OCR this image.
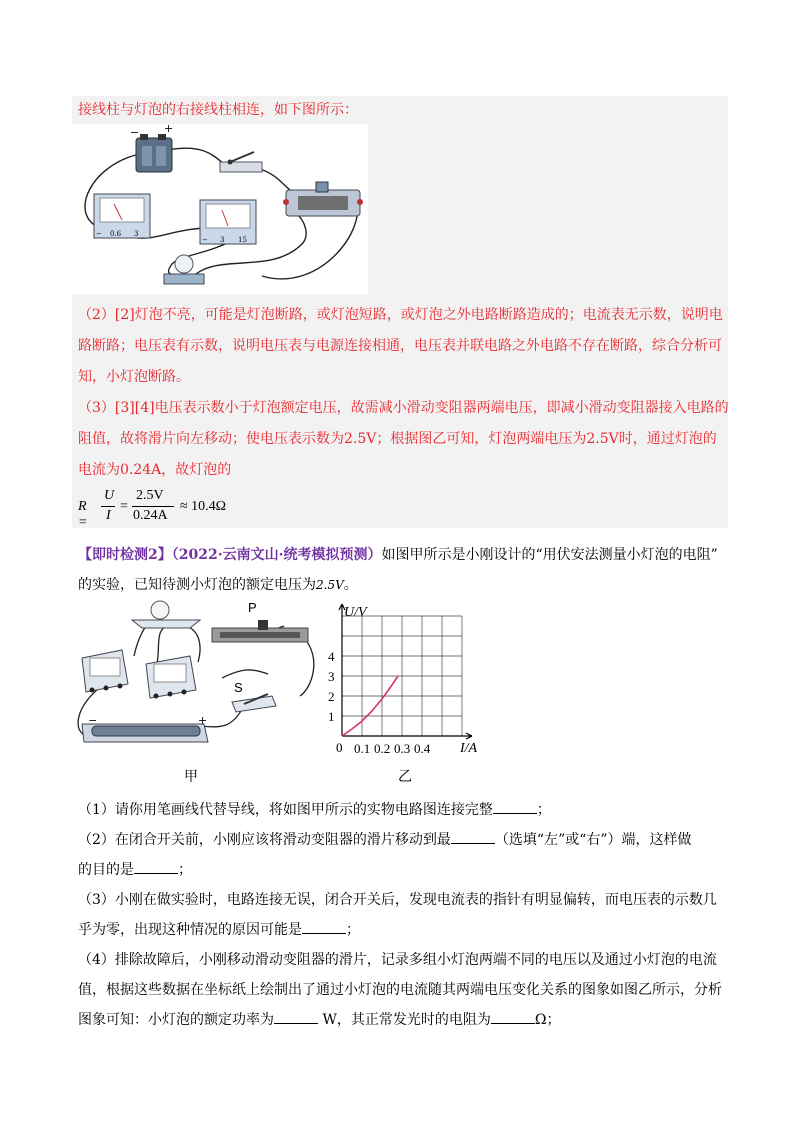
接线柱与灯泡的右接线柱相连，如下图所示：
− +
− 0.6 3
− 3 15
（2）[2]灯泡不亮，可能是灯泡断路，或灯泡短路，或灯泡之外电路断路造成的；电流表无示数，说明电
路断路；电压表有示数，说明电压表与电源连接相通，电压表并联电路之外电路不存在断路，综合分析可
知，小灯泡断路。
（3）[3][4]电压表示数小于灯泡额定电压，故需减小滑动变阻器两端电压，即减小滑动变阻器接入电路的
阻值，故将滑片向左移动；使电压表示数为2.5V；根据图乙可知，灯泡两端电压为2.5V时，通过灯泡的
电流为0.24A，故灯泡的
R =
U
I
=
2.5V
0.24A
≈ 10.4Ω
【即时检测2】（2022·云南文山·统考模拟预测）如图甲所示是小刚设计的“用伏安法测量小灯泡的电阻”
的实验，已知待测小灯泡的额定电压为2.5V。
P
S
−	+
甲
0.1 0.2 0.3 0.4
1
2
3
4
U/V
I/A
0
乙
（1）请你用笔画线代替导线，将如图甲所示的实物电路图连接完整	；
（2）在闭合开关前，小刚应该将滑动变阻器的滑片移动到最	（选填“左”或“右”）端，这样做
的目的是	；
（3）小刚在做实验时，电路连接无误，闭合开关后，发现电流表的指针有明显偏转，而电压表的示数几
乎为零，出现这种情况的原因可能是	；
（4）排除故障后，小刚移动滑动变阻器的滑片，记录多组小灯泡两端不同的电压以及通过小灯泡的电流
值，根据这些数据在坐标纸上绘制出了通过小灯泡的电流随其两端电压变化关系的图象如图乙所示，分析
图象可知：小灯泡的额定功率为	W，其正常发光时的电阻为	Ω；
